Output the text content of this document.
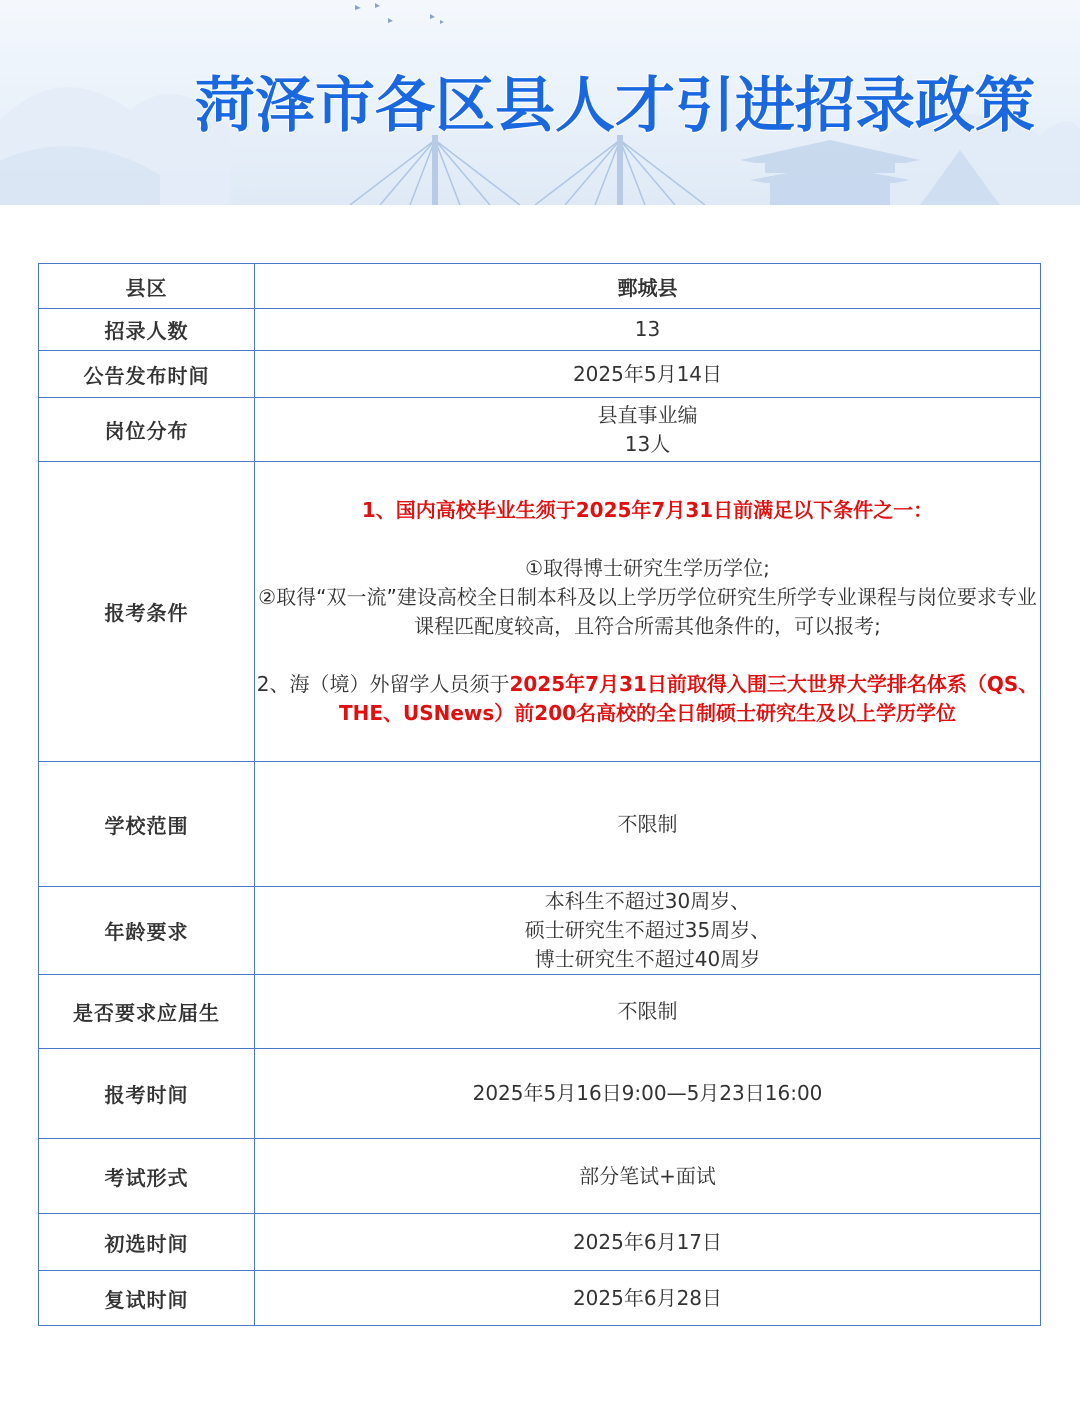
菏泽市各区县人才引进招录政策
县区	鄄城县
招录人数	13
公告发布时间	2025年5月14日
岗位分布	县直事业编
13人

报考条件	1、国内高校毕业生须于2025年7月31日前满足以下条件之一：
①取得博士研究生学历学位;
②取得“双一流”建设高校全日制本科及以上学历学位研究生所学专业课程与岗位要求专业课程匹配度较高，且符合所需其他条件的，可以报考;
2、海（境）外留学人员须于2025年7月31日前取得入围三大世界大学排名体系（QS、THE、USNews）前200名高校的全日制硕士研究生及以上学历学位

学校范围	不限制
年龄要求	本科生不超过30周岁、
硕士研究生不超过35周岁、
博士研究生不超过40周岁

是否要求应届生	不限制
报考时间	2025年5月16日9:00—5月23日16:00
考试形式	部分笔试+面试
初选时间	2025年6月17日
复试时间	2025年6月28日
